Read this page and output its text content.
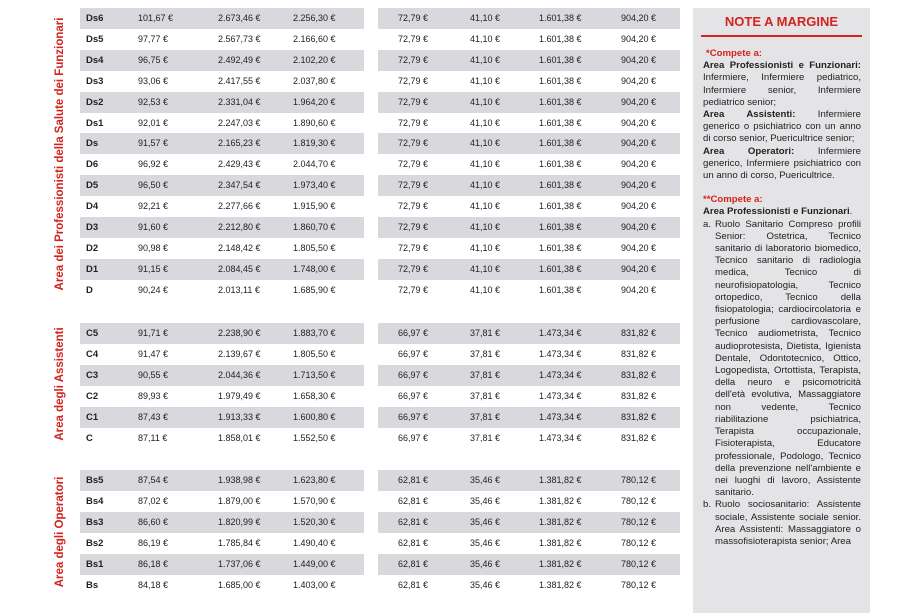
Area dei Professionisti della Salute dei Funzionari
Area degli Assistenti
Area degli Operatori
Ds6	101,67 €	2.673,46 €	2.256,30 €	72,79 €	41,10 €	1.601,38 €	904,20 €
Ds5	97,77 €	2.567,73 €	2.166,60 €	72,79 €	41,10 €	1.601,38 €	904,20 €
Ds4	96,75 €	2.492,49 €	2.102,20 €	72,79 €	41,10 €	1.601,38 €	904,20 €
Ds3	93,06 €	2.417,55 €	2.037,80 €	72,79 €	41,10 €	1.601,38 €	904,20 €
Ds2	92,53 €	2.331,04 €	1.964,20 €	72,79 €	41,10 €	1.601,38 €	904,20 €
Ds1	92,01 €	2.247,03 €	1.890,60 €	72,79 €	41,10 €	1.601,38 €	904,20 €
Ds	91,57 €	2.165,23 €	1.819,30 €	72,79 €	41,10 €	1.601,38 €	904,20 €
D6	96,92 €	2.429,43 €	2.044,70 €	72,79 €	41,10 €	1.601,38 €	904,20 €
D5	96,50 €	2.347,54 €	1.973,40 €	72,79 €	41,10 €	1.601,38 €	904,20 €
D4	92,21 €	2.277,66 €	1.915,90 €	72,79 €	41,10 €	1.601,38 €	904,20 €
D3	91,60 €	2.212,80 €	1.860,70 €	72,79 €	41,10 €	1.601,38 €	904,20 €
D2	90,98 €	2.148,42 €	1.805,50 €	72,79 €	41,10 €	1.601,38 €	904,20 €
D1	91,15 €	2.084,45 €	1.748,00 €	72,79 €	41,10 €	1.601,38 €	904,20 €
D	90,24 €	2.013,11 €	1.685,90 €	72,79 €	41,10 €	1.601,38 €	904,20 €
C5	91,71 €	2.238,90 €	1.883,70 €	66,97 €	37,81 €	1.473,34 €	831,82 €
C4	91,47 €	2.139,67 €	1.805,50 €	66,97 €	37,81 €	1.473,34 €	831,82 €
C3	90,55 €	2.044,36 €	1.713,50 €	66,97 €	37,81 €	1.473,34 €	831,82 €
C2	89,93 €	1.979,49 €	1.658,30 €	66,97 €	37,81 €	1.473,34 €	831,82 €
C1	87,43 €	1.913,33 €	1.600,80 €	66,97 €	37,81 €	1.473,34 €	831,82 €
C	87,11 €	1.858,01 €	1.552,50 €	66,97 €	37,81 €	1.473,34 €	831,82 €
Bs5	87,54 €	1.938,98 €	1.623,80 €	62,81 €	35,46 €	1.381,82 €	780,12 €
Bs4	87,02 €	1.879,00 €	1.570,90 €	62,81 €	35,46 €	1.381,82 €	780,12 €
Bs3	86,60 €	1.820,99 €	1.520,30 €	62,81 €	35,46 €	1.381,82 €	780,12 €
Bs2	86,19 €	1.785,84 €	1.490,40 €	62,81 €	35,46 €	1.381,82 €	780,12 €
Bs1	86,18 €	1.737,06 €	1.449,00 €	62,81 €	35,46 €	1.381,82 €	780,12 €
Bs	84,18 €	1.685,00 €	1.403,00 €	62,81 €	35,46 €	1.381,82 €	780,12 €
NOTE A MARGINE

*Compete a:

Area Professionisti e Funzionari: Infermiere, Infermiere pediatrico, Infermiere senior, Infermiere pediatrico senior;

Area Assistenti: Infermiere generico o psichiatrico con un anno di corso senior, Puericultrice senior;

Area Operatori: Infermiere generico, Infermiere psichiatrico con un anno di corso, Puericultrice.

**Compete a:

Area Professionisti e Funzionari.

a. Ruolo Sanitario Compreso profili Senior: Ostetrica, Tecnico sanitario di laboratorio biomedico, Tecnico sanitario di radiologia medica, Tecnico di neurofisiopatologia, Tecnico ortopedico, Tecnico della fisiopatologia; cardiocircolatoria e perfusione cardiovascolare, Tecnico audiometrista, Tecnico audioprotesista, Dietista, Igienista Dentale, Odontotecnico, Ottico, Logopedista, Ortottista, Terapista, della neuro e psicomotricità dell'età evolutiva, Massaggiatore non vedente, Tecnico riabilitazione psichiatrica, Terapista occupazionale, Fisioterapista, Educatore professionale, Podologo, Tecnico della prevenzione nell'ambiente e nei luoghi di lavoro, Assistente sanitario.
b. Ruolo sociosanitario: Assistente sociale, Assistente sociale senior. Area Assistenti: Massaggiatore o massofisioterapista senior; Area
